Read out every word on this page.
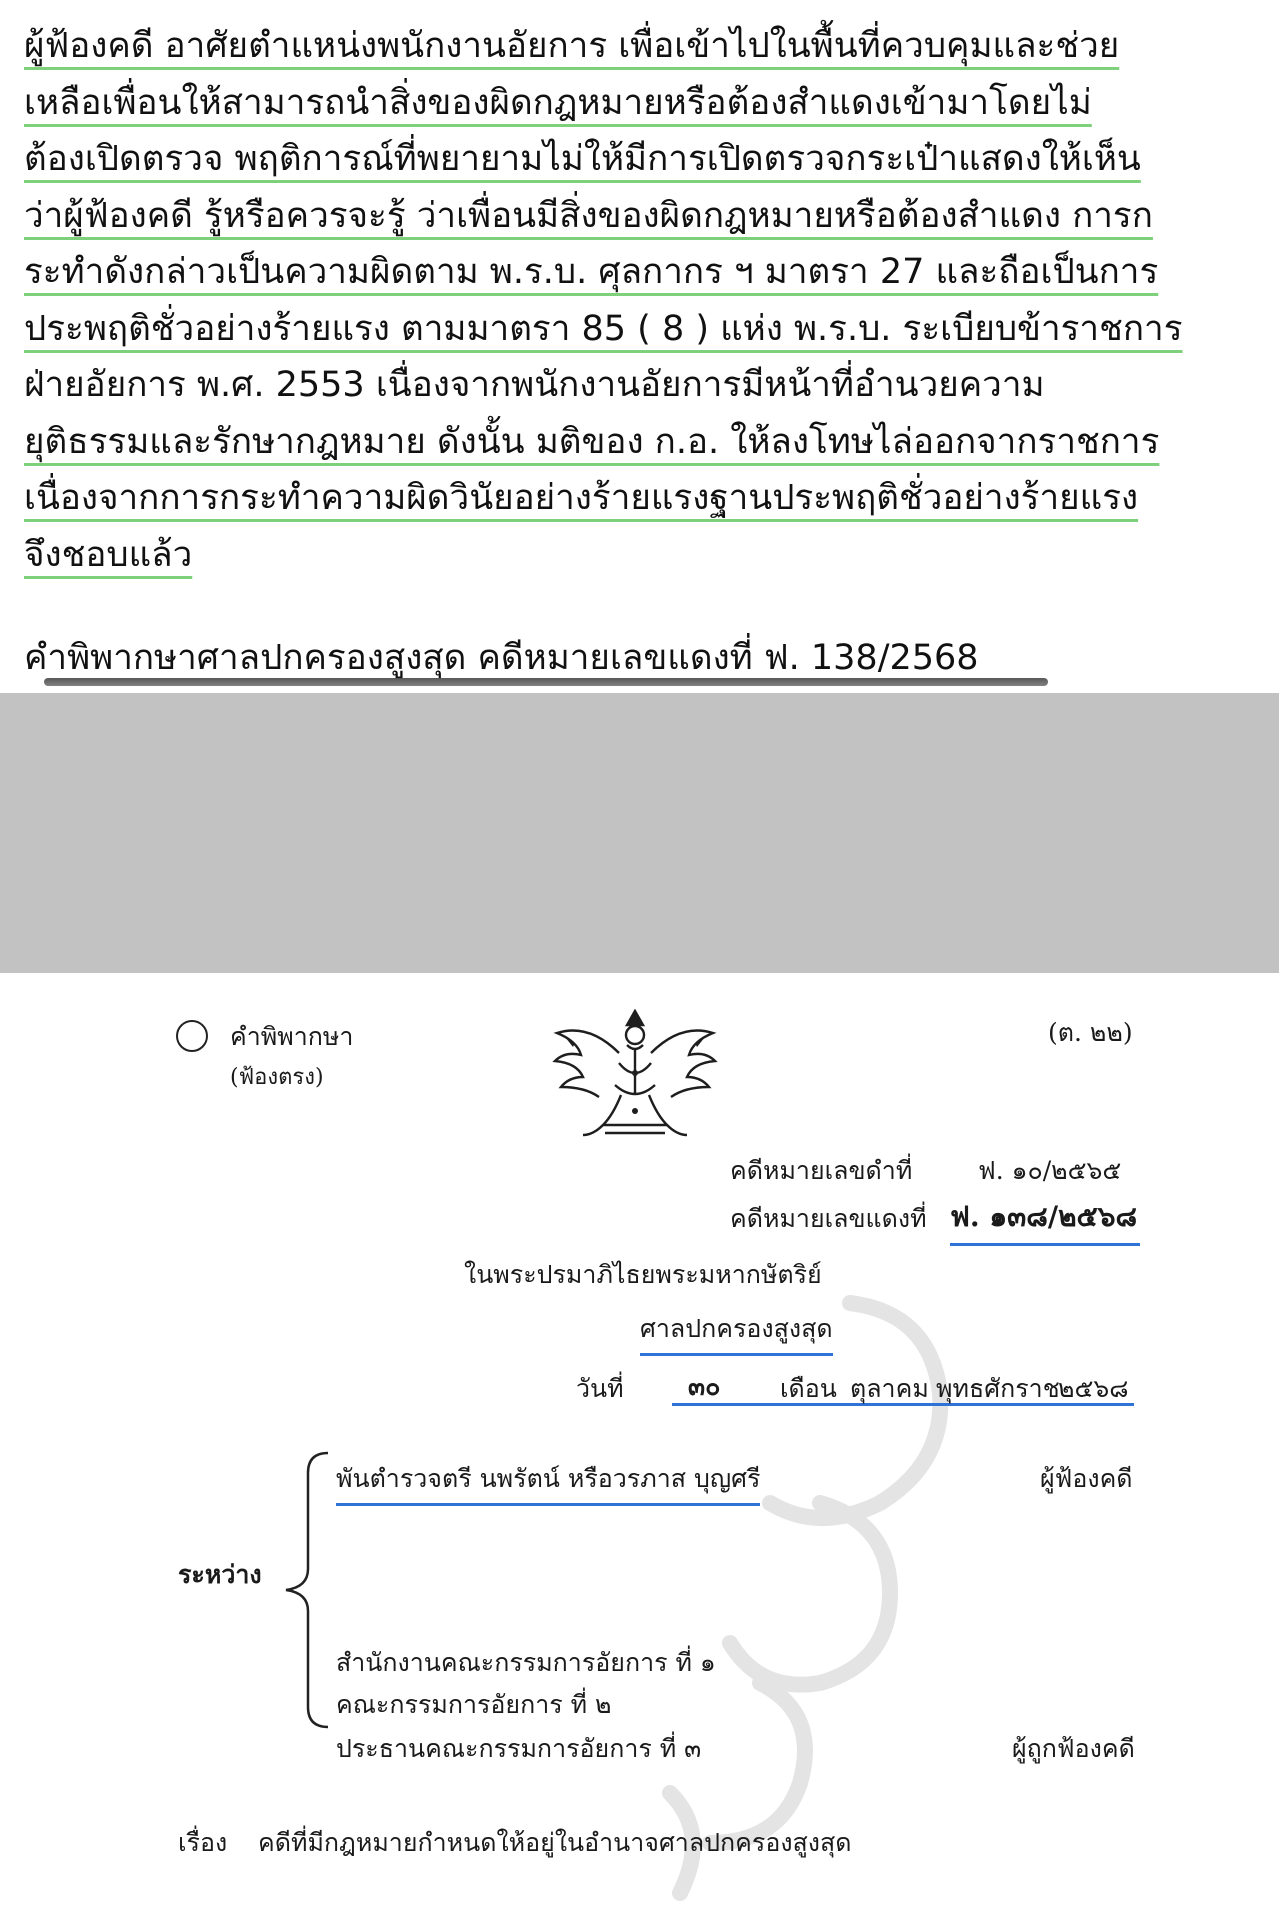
ผู้ฟ้องคดี อาศัยตำแหน่งพนักงานอัยการ เพื่อเข้าไปในพื้นที่ควบคุมและช่วย
เหลือเพื่อนให้สามารถนำสิ่งของผิดกฎหมายหรือต้องสำแดงเข้ามาโดยไม่
ต้องเปิดตรวจ พฤติการณ์ที่พยายามไม่ให้มีการเปิดตรวจกระเป๋าแสดงให้เห็น
ว่าผู้ฟ้องคดี รู้หรือควรจะรู้ ว่าเพื่อนมีสิ่งของผิดกฎหมายหรือต้องสำแดง การก
ระทำดังกล่าวเป็นความผิดตาม พ.ร.บ. ศุลกากร ฯ มาตรา 27 และถือเป็นการ
ประพฤติชั่วอย่างร้ายแรง ตามมาตรา 85 ( 8 ) แห่ง พ.ร.บ. ระเบียบข้าราชการ
ฝ่ายอัยการ พ.ศ. 2553 เนื่องจากพนักงานอัยการมีหน้าที่อำนวยความ
ยุติธรรมและรักษากฎหมาย ดังนั้น มติของ ก.อ. ให้ลงโทษไล่ออกจากราชการ
เนื่องจากการกระทำความผิดวินัยอย่างร้ายแรงฐานประพฤติชั่วอย่างร้ายแรง
จึงชอบแล้ว
คำพิพากษาศาลปกครองสูงสุด คดีหมายเลขแดงที่ ฟ. 138/2568
คำพิพากษา
(ฟ้องตรง)
(ต. ๒๒)
คดีหมายเลขดำที่	ฟ. ๑๐/๒๕๖๕
คดีหมายเลขแดงที่ ฟ. ๑๓๘/๒๕๖๘
ในพระปรมาภิไธยพระมหากษัตริย์
ศาลปกครองสูงสุด
วันที่	๓๐ เดือน ตุลาคม พุทธศักราช
๒๕๖๘
พันตำรวจตรี นพรัตน์ หรือวรภาส บุญศรี	ผู้ฟ้องคดี
ระหว่าง
สำนักงานคณะกรรมการอัยการ ที่ ๑
คณะกรรมการอัยการ ที่ ๒
ประธานคณะกรรมการอัยการ ที่ ๓	ผู้ถูกฟ้องคดี
เรื่อง คดีที่มีกฎหมายกำหนดให้อยู่ในอำนาจศาลปกครองสูงสุด
